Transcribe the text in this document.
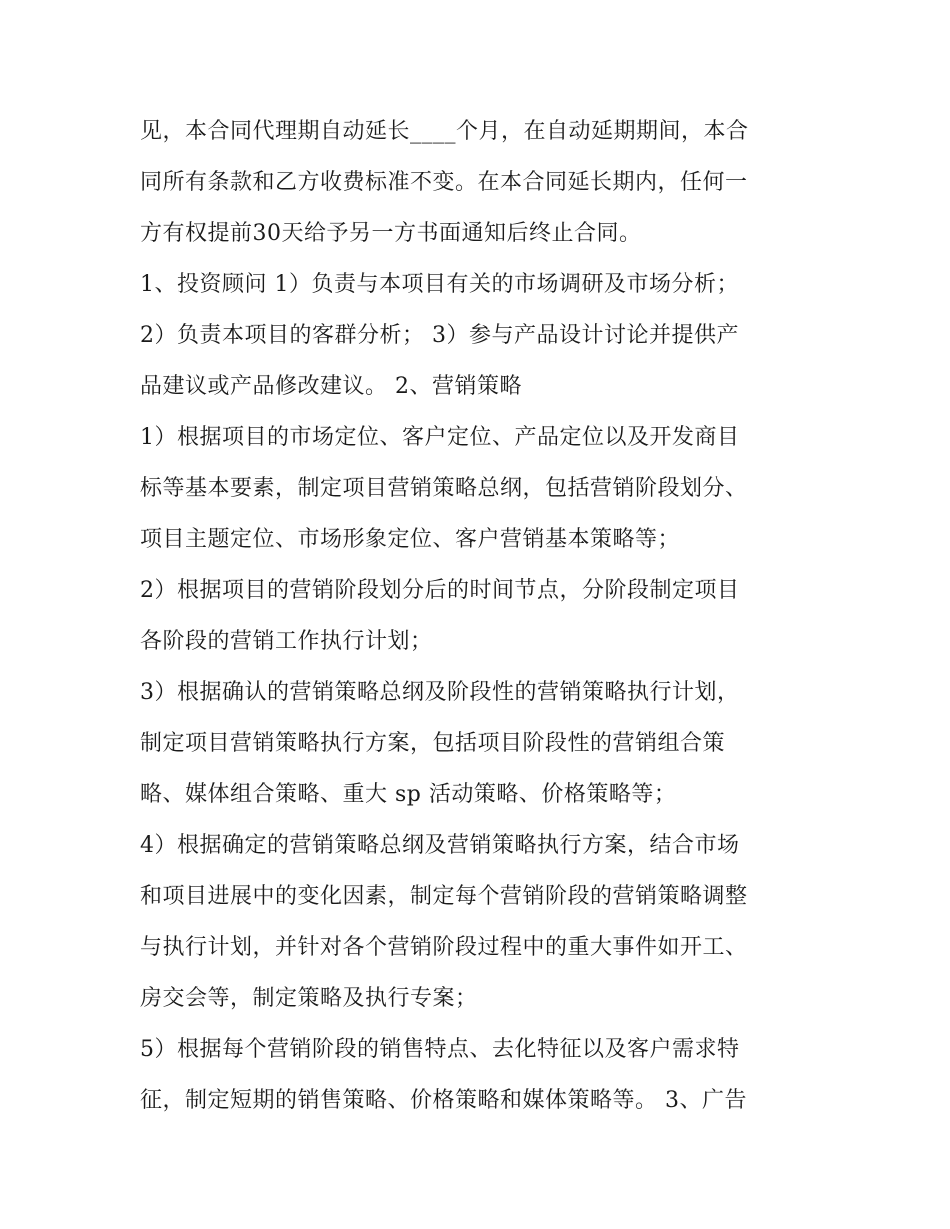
见，本合同代理期自动延长____个月，在自动延期期间，本合
同所有条款和乙方收费标准不变。在本合同延长期内，任何一
方有权提前30天给予另一方书面通知后终止合同。
1、投资顾问 1）负责与本项目有关的市场调研及市场分析；
2）负责本项目的客群分析； 3）参与产品设计讨论并提供产
品建议或产品修改建议。 2、营销策略
1）根据项目的市场定位、客户定位、产品定位以及开发商目
标等基本要素，制定项目营销策略总纲，包括营销阶段划分、
项目主题定位、市场形象定位、客户营销基本策略等；
2）根据项目的营销阶段划分后的时间节点，分阶段制定项目
各阶段的营销工作执行计划；
3）根据确认的营销策略总纲及阶段性的营销策略执行计划，
制定项目营销策略执行方案，包括项目阶段性的营销组合策
略、媒体组合策略、重大 sp 活动策略、价格策略等；
4）根据确定的营销策略总纲及营销策略执行方案，结合市场
和项目进展中的变化因素，制定每个营销阶段的营销策略调整
与执行计划，并针对各个营销阶段过程中的重大事件如开工、
房交会等，制定策略及执行专案；
5）根据每个营销阶段的销售特点、去化特征以及客户需求特
征，制定短期的销售策略、价格策略和媒体策略等。 3、广告
